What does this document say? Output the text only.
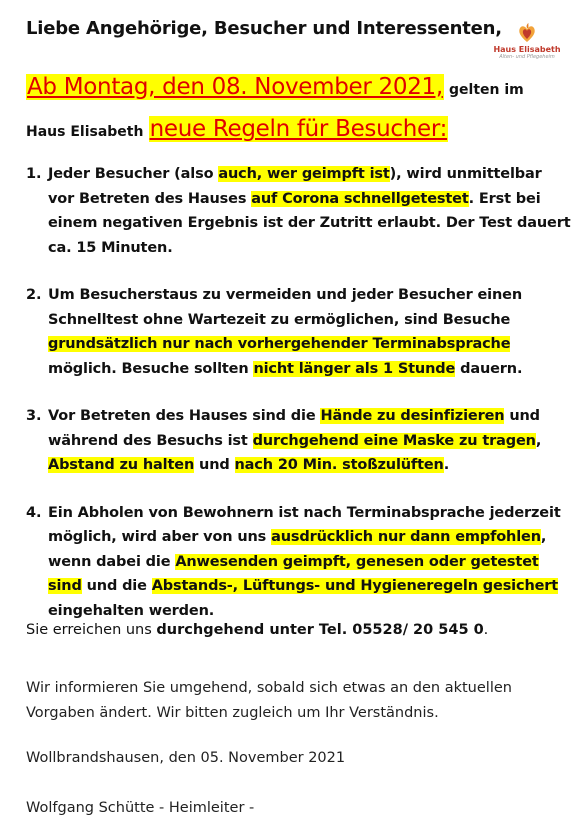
Liebe Angehörige, Besucher und Interessenten,
Haus Elisabeth
Alten- und Pflegeheim
Ab Montag, den 08. November 2021, gelten im
Haus Elisabeth neue Regeln für Besucher:
1. Jeder Besucher (also auch, wer geimpft ist), wird unmittelbar vor Betreten des Hauses auf Corona schnellgetestet. Erst bei einem negativen Ergebnis ist der Zutritt erlaubt. Der Test dauert ca. 15 Minuten.
2. Um Besucherstaus zu vermeiden und jeder Besucher einen Schnelltest ohne Wartezeit zu ermöglichen, sind Besuche grundsätzlich nur nach vorhergehender Terminabsprache möglich. Besuche sollten nicht länger als 1 Stunde dauern.
3. Vor Betreten des Hauses sind die Hände zu desinfizieren und während des Besuchs ist durchgehend eine Maske zu tragen, Abstand zu halten und nach 20 Min. stoßzulüften.
4. Ein Abholen von Bewohnern ist nach Terminabsprache jederzeit möglich, wird aber von uns ausdrücklich nur dann empfohlen, wenn dabei die Anwesenden geimpft, genesen oder getestet sind und die Abstands-, Lüftungs- und Hygieneregeln gesichert eingehalten werden.
Sie erreichen uns durchgehend unter Tel. 05528/ 20 545 0.
Wir informieren Sie umgehend, sobald sich etwas an den aktuellen Vorgaben ändert. Wir bitten zugleich um Ihr Verständnis.
Wollbrandshausen, den 05. November 2021
Wolfgang Schütte - Heimleiter -
